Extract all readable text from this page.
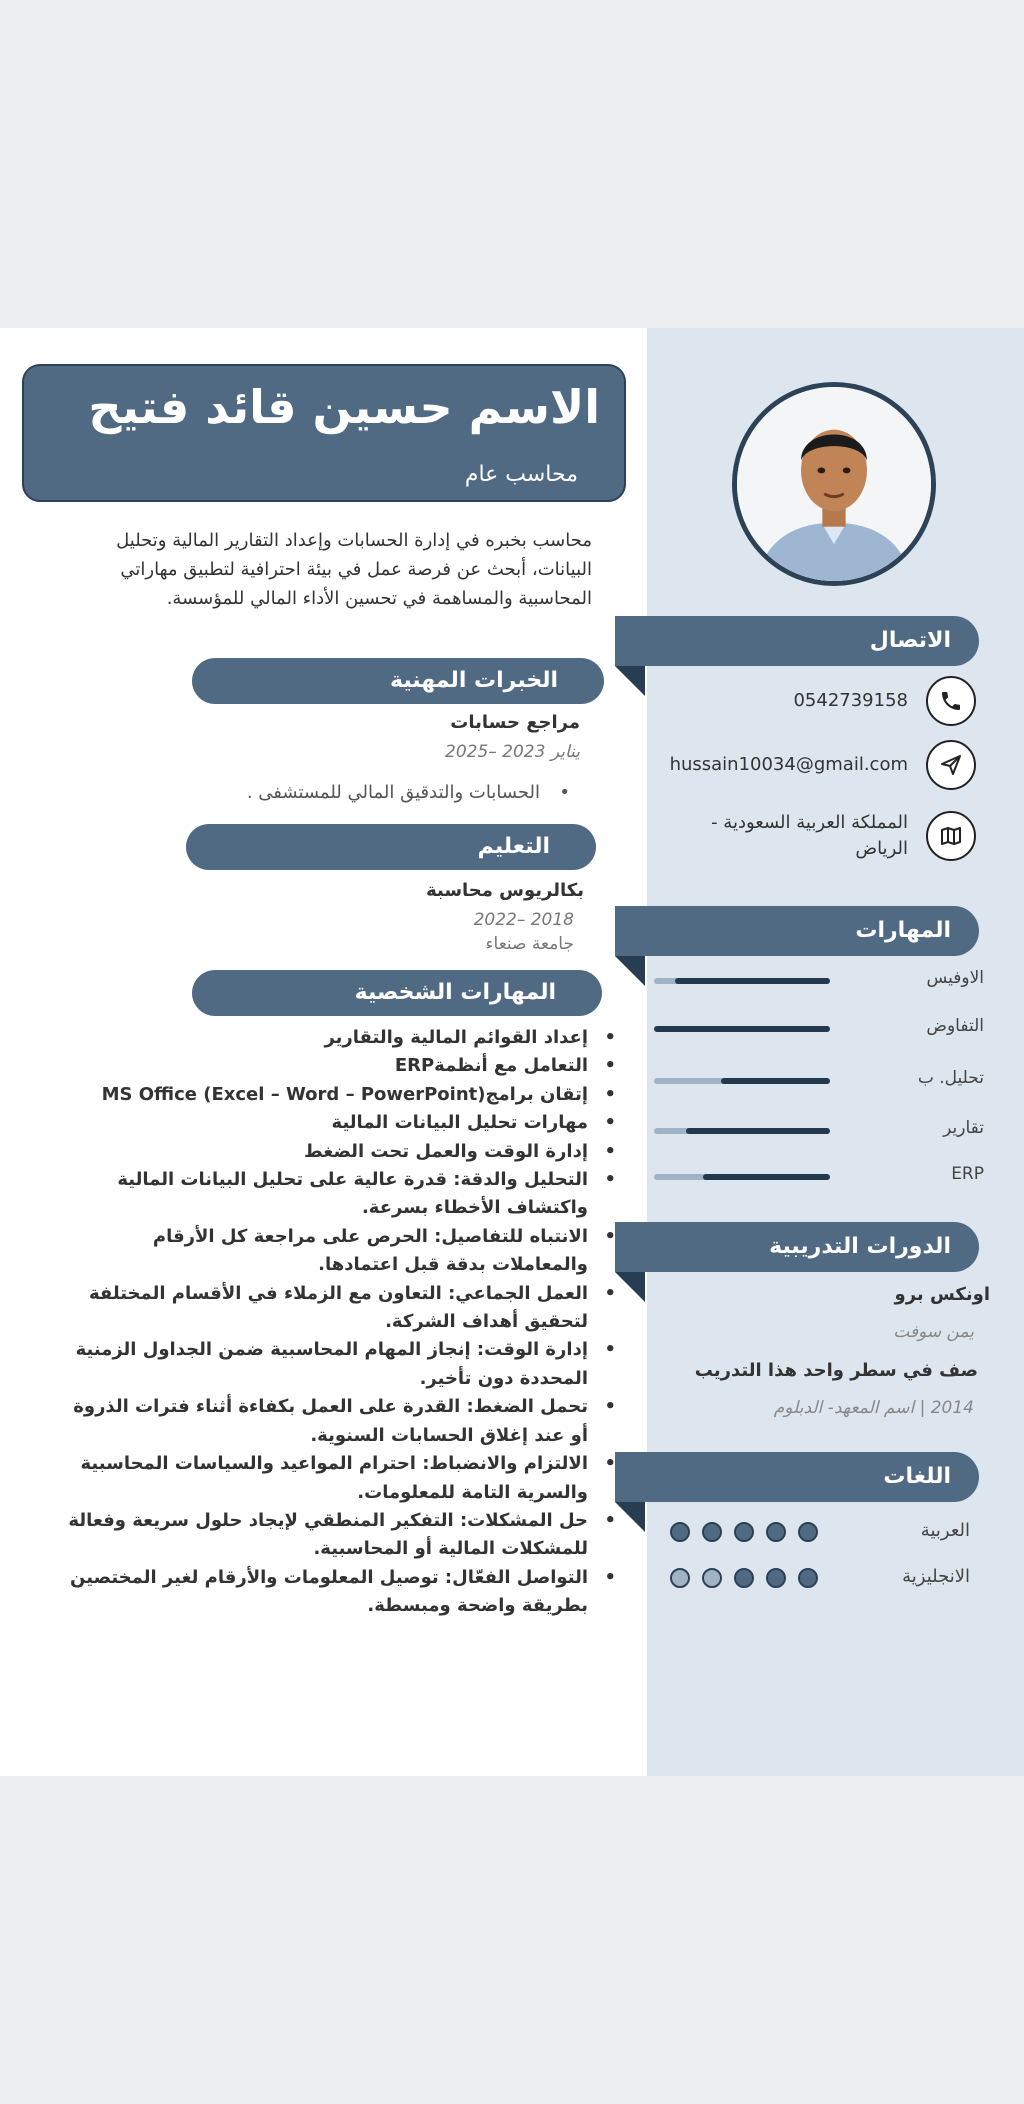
الاتصال
0542739158
hussain10034@gmail.com
المملكة العربية السعودية - الرياض
المهارات
الاوفيس
التفاوض
تحليل. ب
تقارير
ERP
الدورات التدريبية
اونكس برو
يمن سوفت
صف في سطر واحد هذا التدريب
2014 | اسم المعهد- الدبلوم
اللغات
العربية
الانجليزية
الاسم حسين قائد فتيح
محاسب عام

محاسب بخبره في إدارة الحسابات وإعداد التقارير المالية وتحليل البيانات، أبحث عن فرصة عمل في بيئة احترافية لتطبيق مهاراتي المحاسبية والمساهمة في تحسين الأداء المالي للمؤسسة.

الخبرات المهنية
مراجع حسابات
يناير 2023 –2025
• الحسابات والتدقيق المالي للمستشفى .
التعليم
بكالريوس محاسبة
2018 –2022
جامعة صنعاء
المهارات الشخصية
• إعداد القوائم المالية والتقارير
• التعامل مع أنظمةERP
• إتقان برامج(MS Office (Excel – Word – PowerPoint
• مهارات تحليل البيانات المالية
• إدارة الوقت والعمل تحت الضغط
• التحليل والدقة: قدرة عالية على تحليل البيانات المالية واكتشاف الأخطاء بسرعة.
• الانتباه للتفاصيل: الحرص على مراجعة كل الأرقام والمعاملات بدقة قبل اعتمادها.
• العمل الجماعي: التعاون مع الزملاء في الأقسام المختلفة لتحقيق أهداف الشركة.
• إدارة الوقت: إنجاز المهام المحاسبية ضمن الجداول الزمنية المحددة دون تأخير.
• تحمل الضغط: القدرة على العمل بكفاءة أثناء فترات الذروة أو عند إغلاق الحسابات السنوية.
• الالتزام والانضباط: احترام المواعيد والسياسات المحاسبية والسرية التامة للمعلومات.
• حل المشكلات: التفكير المنطقي لإيجاد حلول سريعة وفعالة للمشكلات المالية أو المحاسبية.
• التواصل الفعّال: توصيل المعلومات والأرقام لغير المختصين بطريقة واضحة ومبسطة.
